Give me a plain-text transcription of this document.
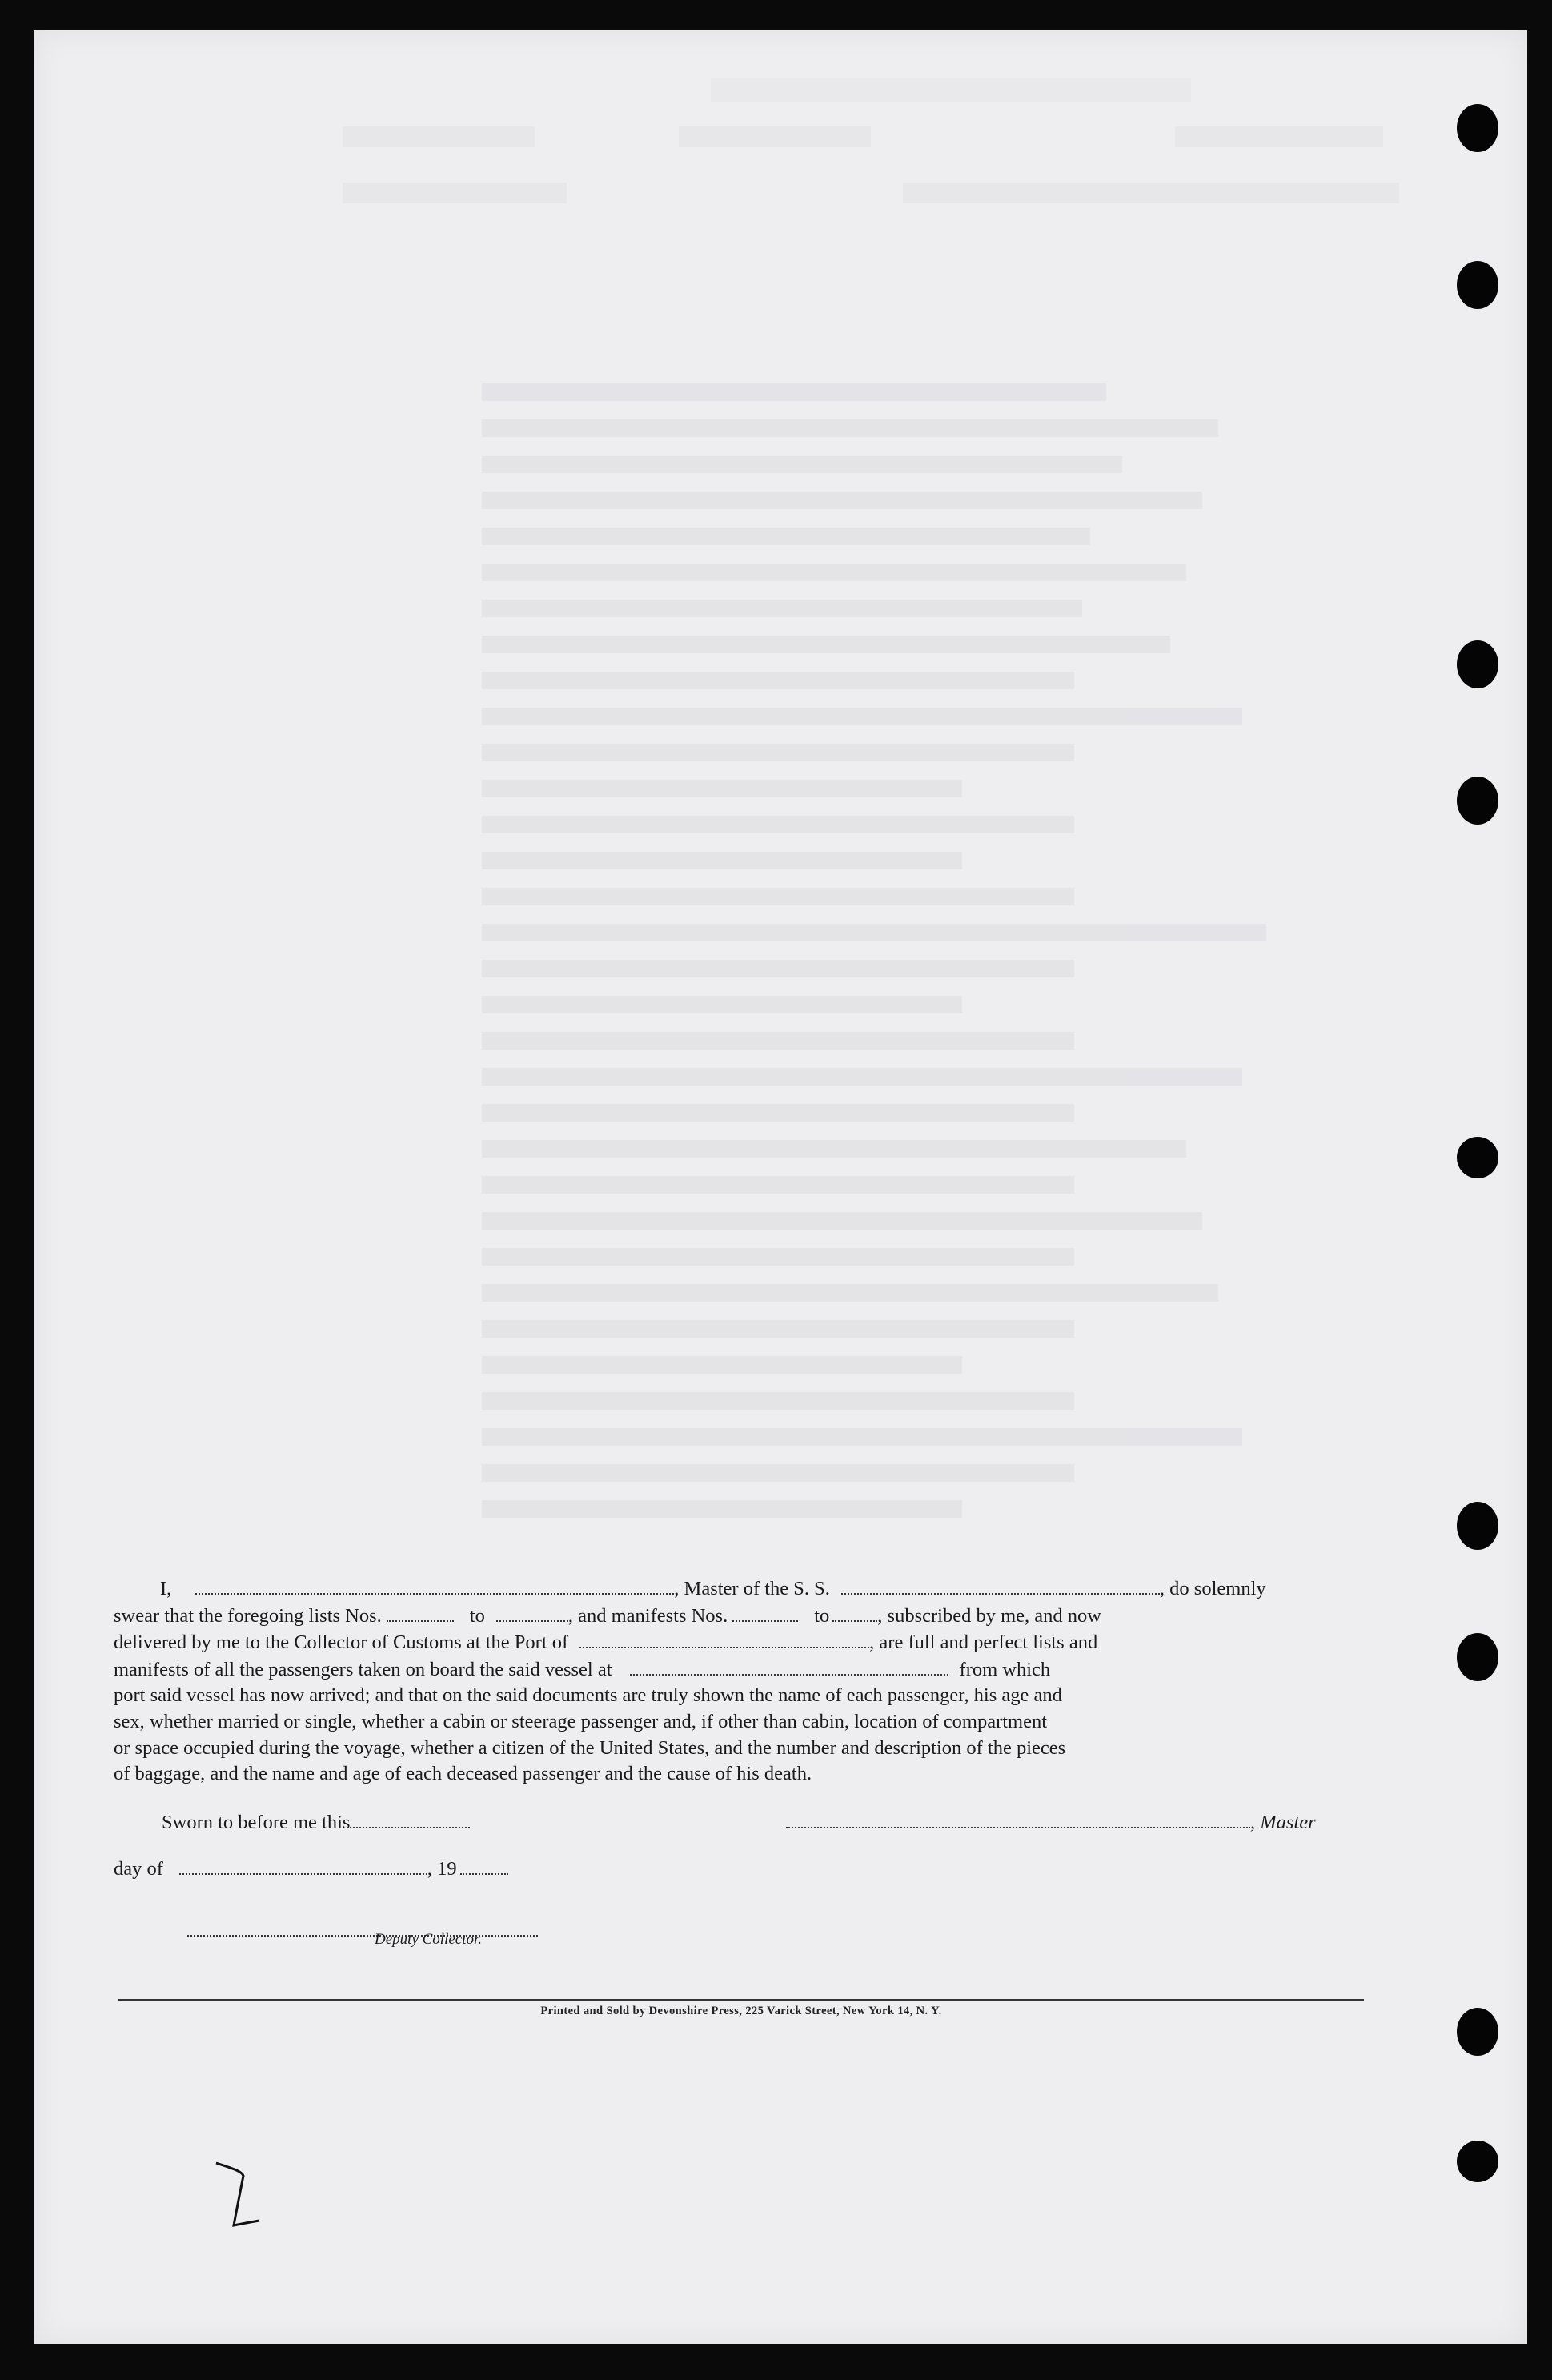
I,	, Master of the S. S.	, do solemnly
swear that the foregoing lists Nos.	to	, and manifests Nos.	to , subscribed by me, and now
delivered by me to the Collector of Customs at the Port of	, are full and perfect lists and
manifests of all the passengers taken on board the said vessel at	from which
port said vessel has now arrived; and that on the said documents are truly shown the name of each passenger, his age and
sex, whether married or single, whether a cabin or steerage passenger and, if other than cabin, location of compartment
or space occupied during the voyage, whether a citizen of the United States, and the number and description of the pieces
of baggage, and the name and age of each deceased passenger and the cause of his death.
Sworn to before me this	, Master
day of	, 19
Deputy Collector.
Printed and Sold by Devonshire Press, 225 Varick Street, New York 14, N. Y.
